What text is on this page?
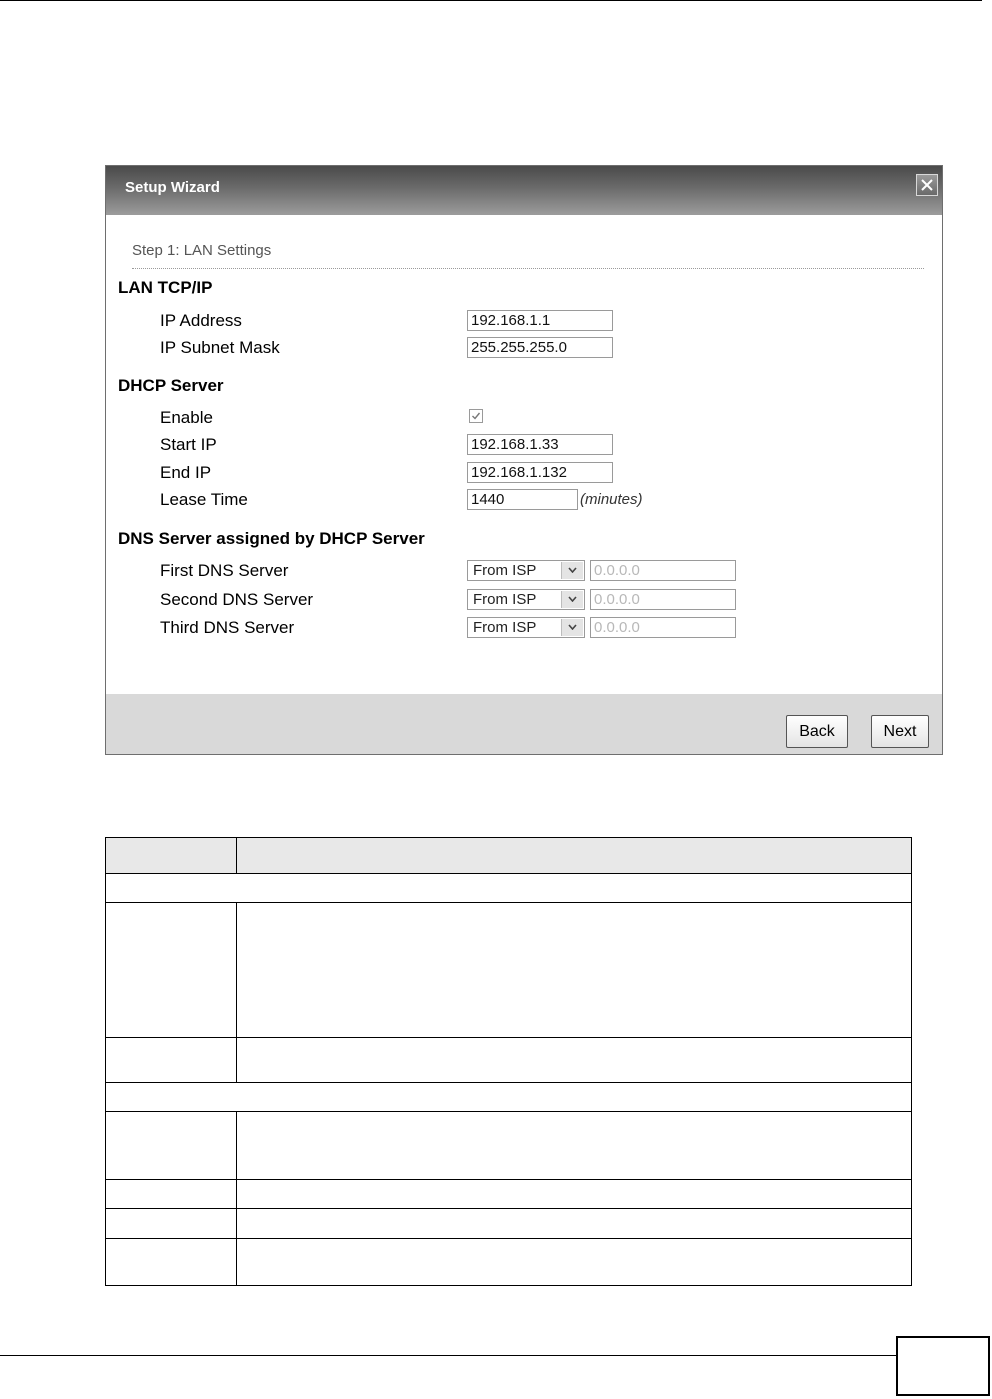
Setup Wizard
Step 1: LAN Settings
LAN TCP/IP
IP Address	192.168.1.1
IP Subnet Mask	255.255.255.0
DHCP Server
Enable
Start IP	192.168.1.33
End IP	192.168.1.132
Lease Time	1440	(minutes)
DNS Server assigned by DHCP Server
First DNS Server	From ISP	0.0.0.0
Second DNS Server	From ISP	0.0.0.0
Third DNS Server	From ISP	0.0.0.0
Back	Next
